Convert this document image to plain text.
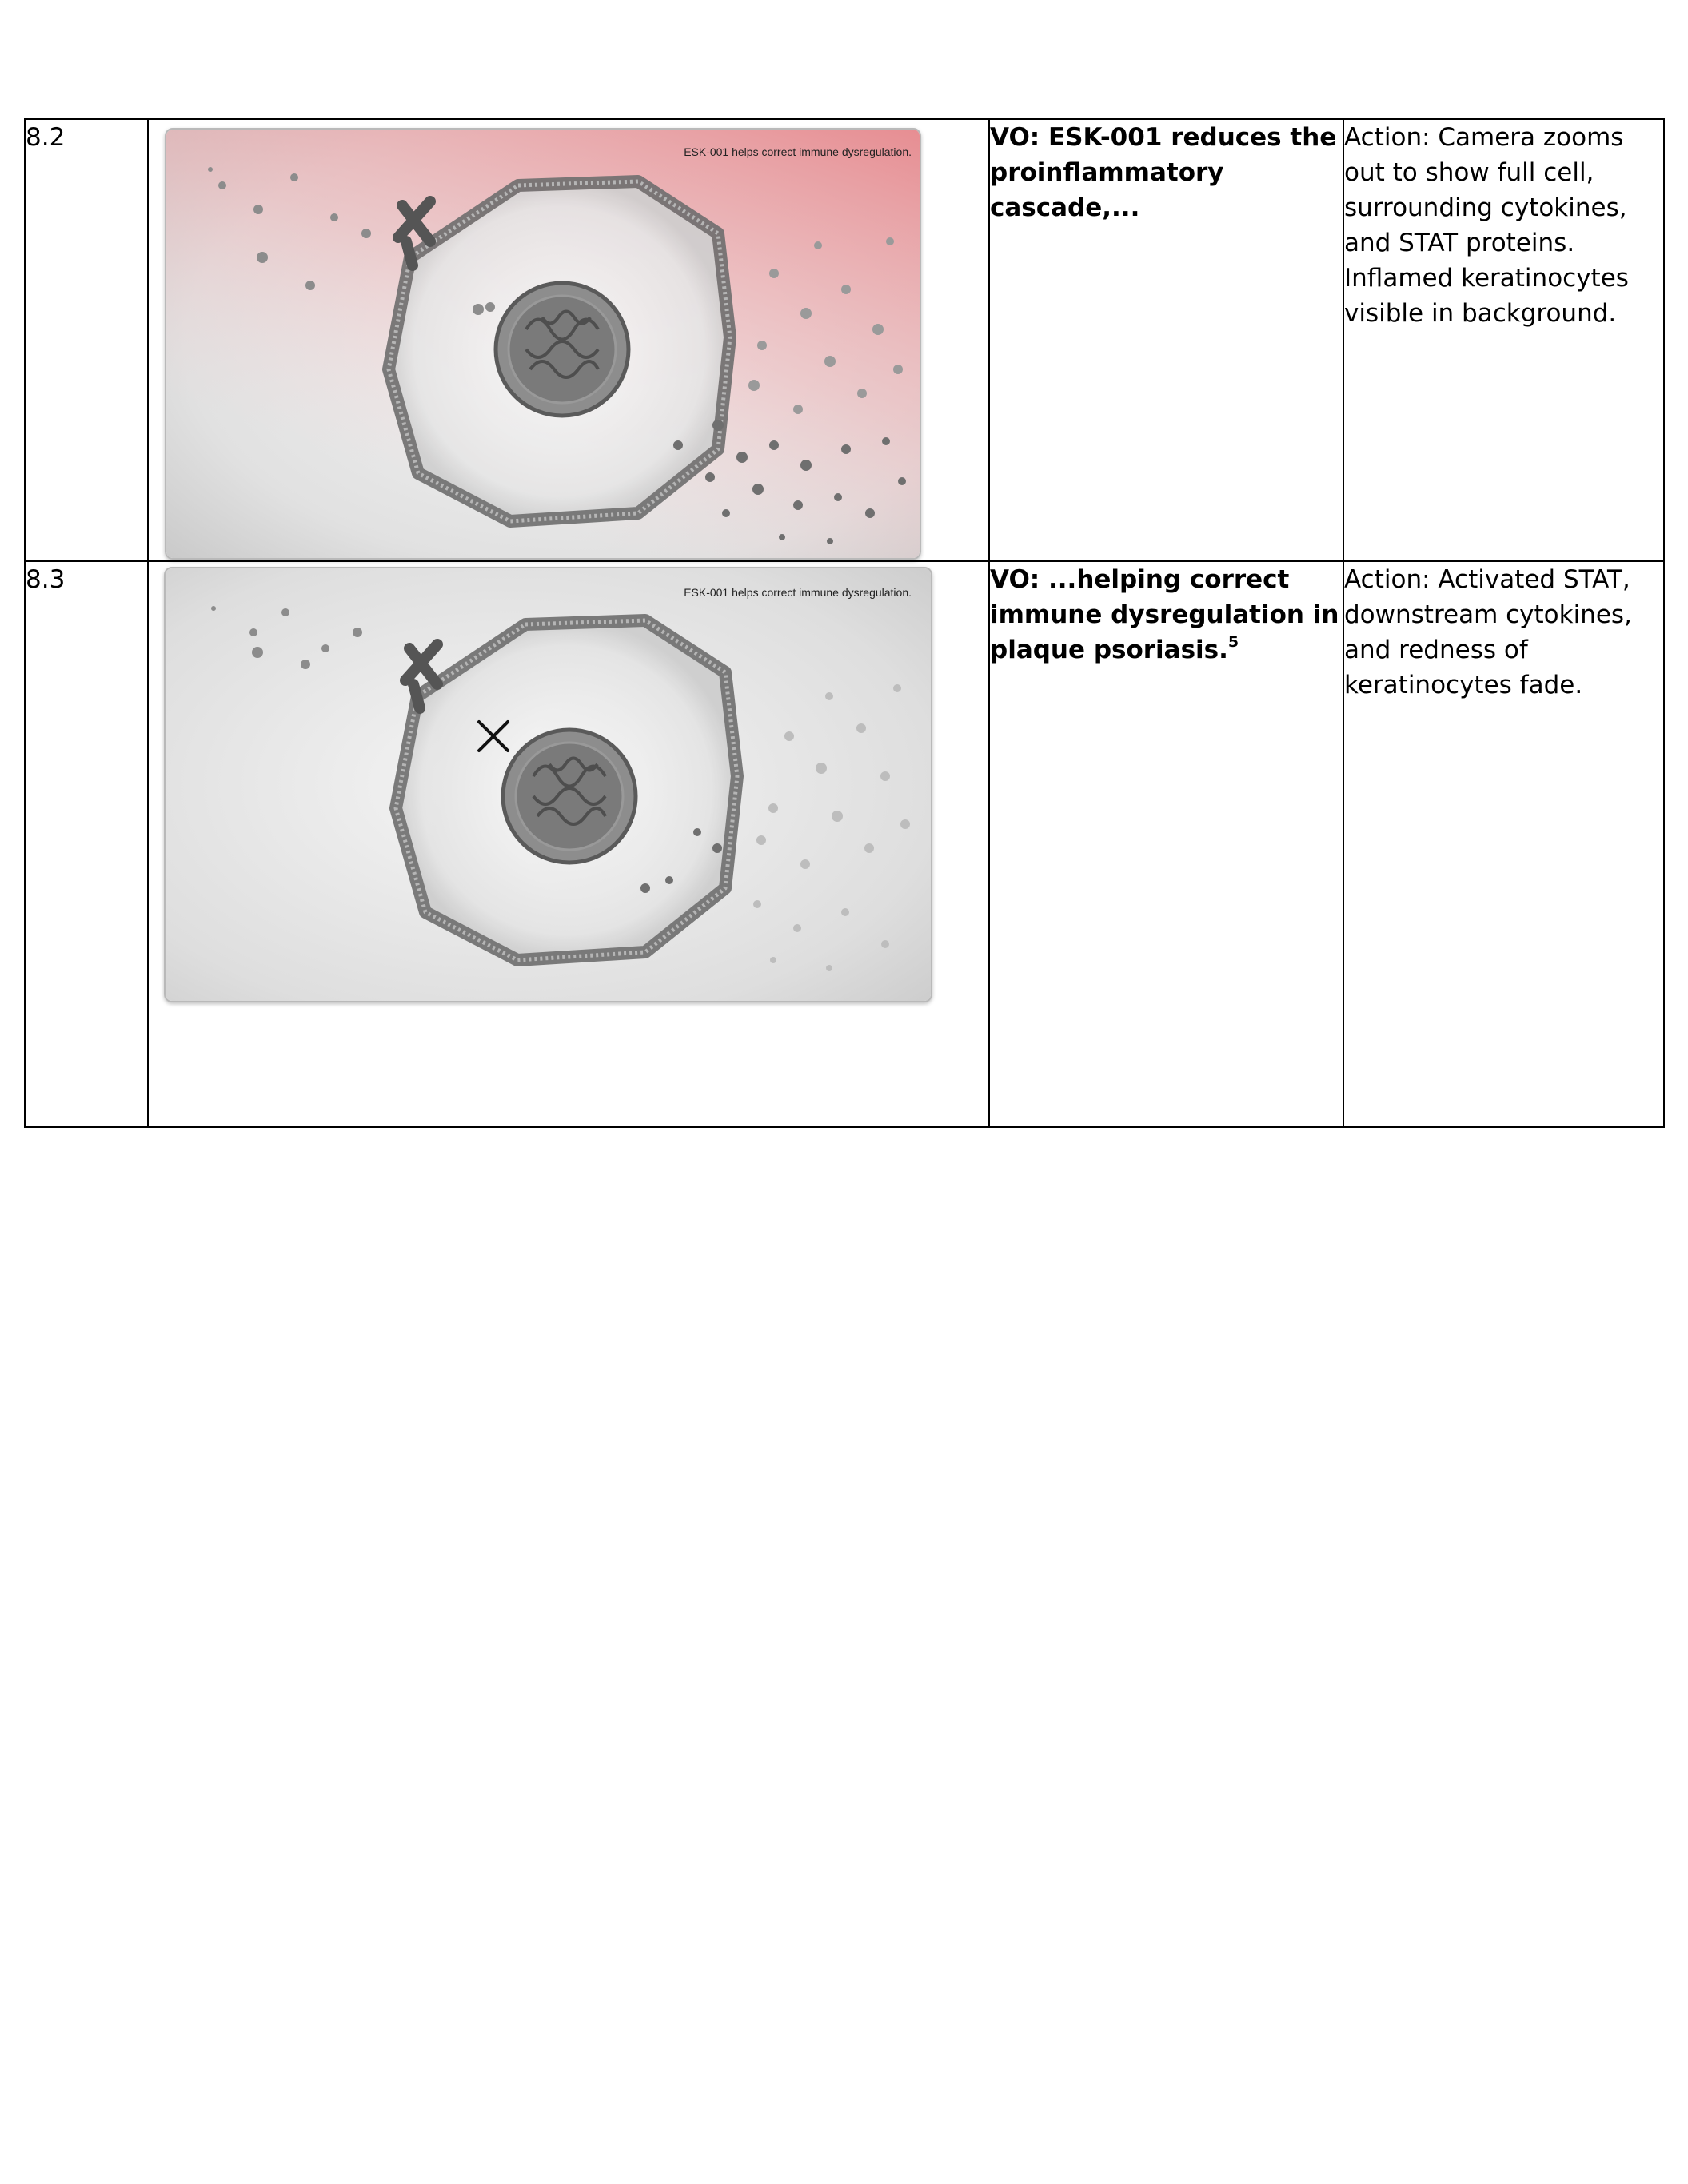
8.2	ESK-001 helps correct immune dysregulation.	VO: ESK-001 reduces the proinflammatory cascade,...	Action: Camera zooms out to show full cell, surrounding cytokines, and STAT proteins. Inflamed keratinocytes visible in background.
8.3	ESK-001 helps correct immune dysregulation.	VO: ...helping correct immune dysregulation in plaque psoriasis.$^5$	Action: Activated STAT, downstream cytokines, and redness of keratinocytes fade.
